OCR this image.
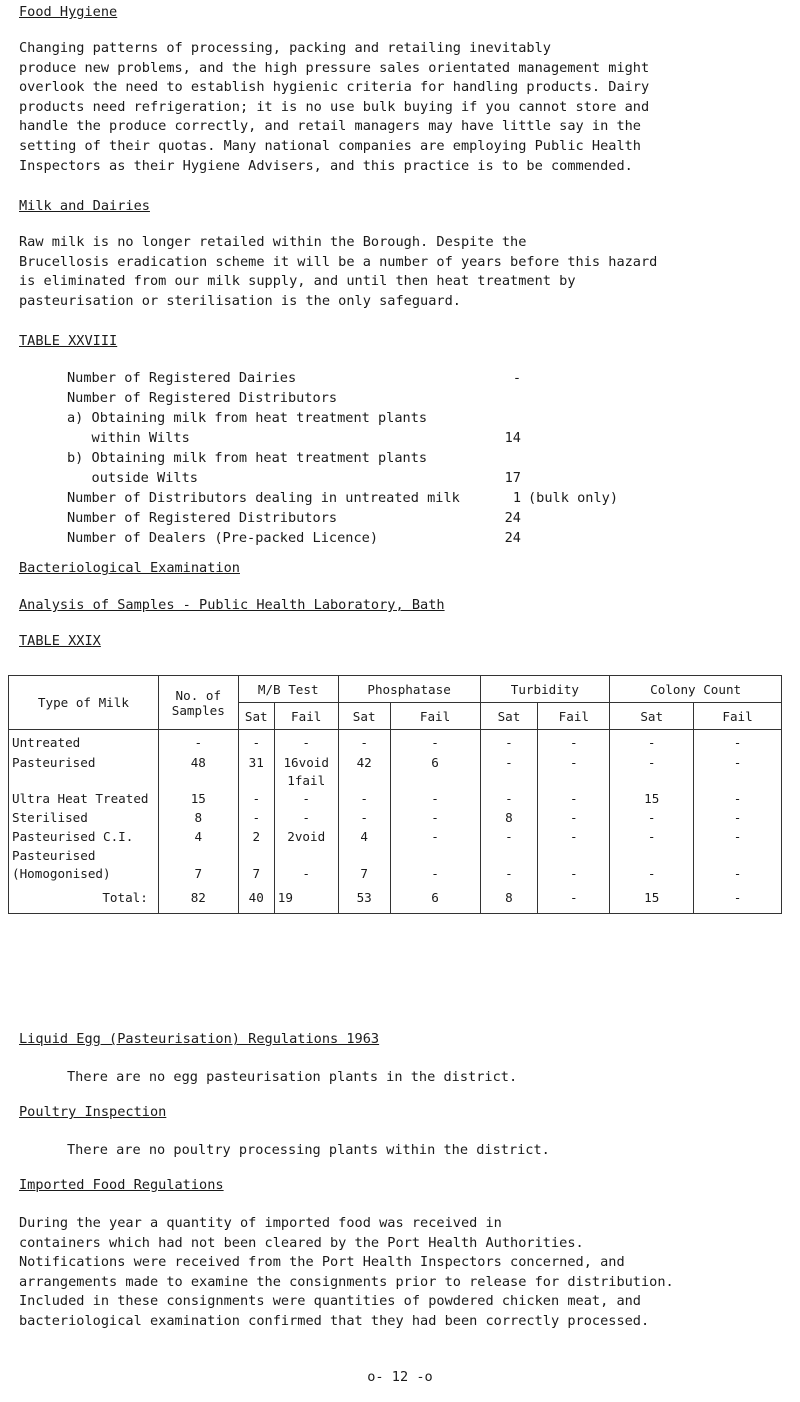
Food Hygiene
Changing patterns of processing, packing and retailing inevitably
produce new problems, and the high pressure sales orientated management might
overlook the need to establish hygienic criteria for handling products. Dairy
products need refrigeration; it is no use bulk buying if you cannot store and
handle the produce correctly, and retail managers may have little say in the
setting of their quotas. Many national companies are employing Public Health
Inspectors as their Hygiene Advisers, and this practice is to be commended.
Milk and Dairies
Raw milk is no longer retailed within the Borough. Despite the
Brucellosis eradication scheme it will be a number of years before this hazard
is eliminated from our milk supply, and until then heat treatment by
pasteurisation or sterilisation is the only safeguard.
TABLE XXVIII
Number of Registered Dairies	-
Number of Registered Distributors
a) Obtaining milk from heat treatment plants
within Wilts	14
b) Obtaining milk from heat treatment plants
outside Wilts	17
Number of Distributors dealing in untreated milk	1 (bulk only)
Number of Registered Distributors	24
Number of Dealers (Pre-packed Licence)	24
Bacteriological Examination
Analysis of Samples - Public Health Laboratory, Bath
TABLE XXIX
Type of Milk	No. of
Samples	M/B Test		Phosphatase		Turbidity		Colony Count	
		Sat	Fail	Sat	Fail	Sat	Fail	Sat	Fail
Untreated	-	-	-	-	-	-	-	-	-
Pasteurised	48	31	16void
1fail	42	6	-	-	-	-
Ultra Heat Treated	15	-	-	-	-	-	-	15	-
Sterilised	8	-	-	-	-	8	-	-	-
Pasteurised C.I.	4	2	2void	4	-	-	-	-	-
Pasteurised
(Homogonised)	7	7	-	7	-	-	-	-	-
Total:	82	40	19	53	6	8	-	15	-
Liquid Egg (Pasteurisation) Regulations 1963
There are no egg pasteurisation plants in the district.
Poultry Inspection
There are no poultry processing plants within the district.
Imported Food Regulations
During the year a quantity of imported food was received in
containers which had not been cleared by the Port Health Authorities.
Notifications were received from the Port Health Inspectors concerned, and
arrangements made to examine the consignments prior to release for distribution.
Included in these consignments were quantities of powdered chicken meat, and
bacteriological examination confirmed that they had been correctly processed.
o- 12 -o
